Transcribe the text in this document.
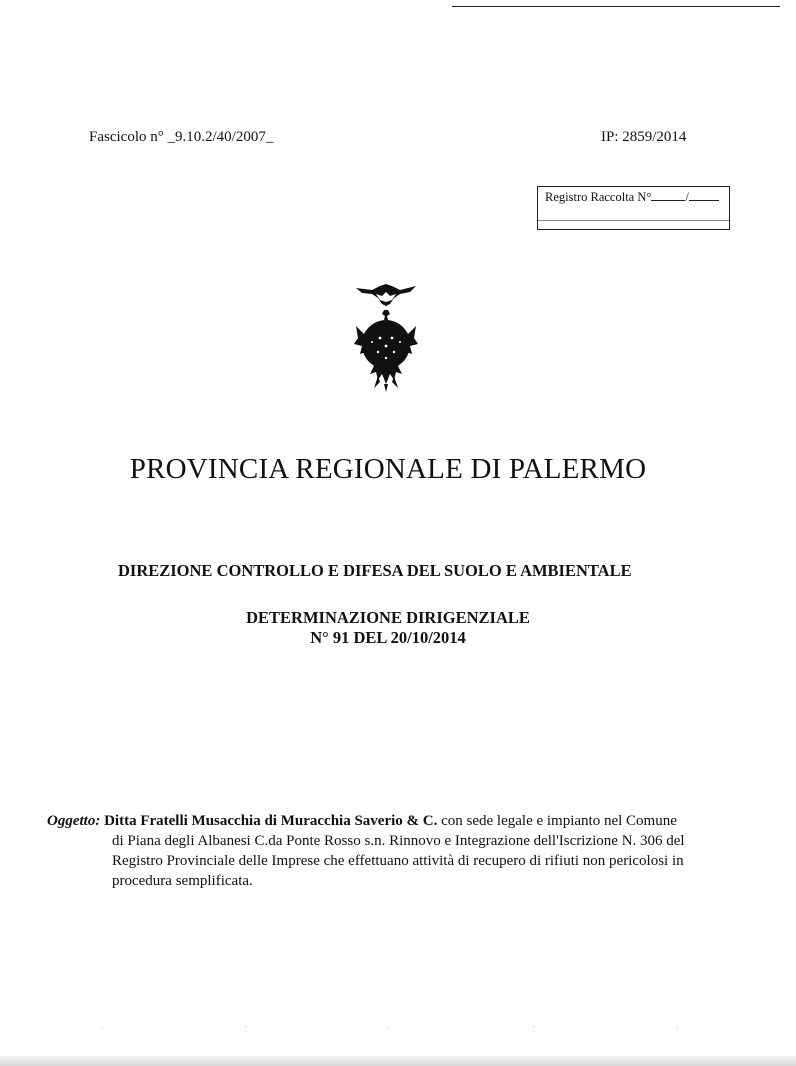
Fascicolo n° _9.10.2/40/2007_	IP: 2859/2014
Registro Raccolta N°	/
PROVINCIA REGIONALE DI PALERMO
DIREZIONE CONTROLLO E DIFESA DEL SUOLO E AMBIENTALE
DETERMINAZIONE DIRIGENZIALE
N° 91 DEL 20/10/2014
Oggetto: Ditta Fratelli Musacchia di Muracchia Saverio & C. con sede legale e impianto nel Comune
di Piana degli Albanesi C.da Ponte Rosso s.n. Rinnovo e Integrazione dell'Iscrizione N. 306 del
Registro Provinciale delle Imprese che effettuano attività di recupero di rifiuti non pericolosi in
procedura semplificata.
